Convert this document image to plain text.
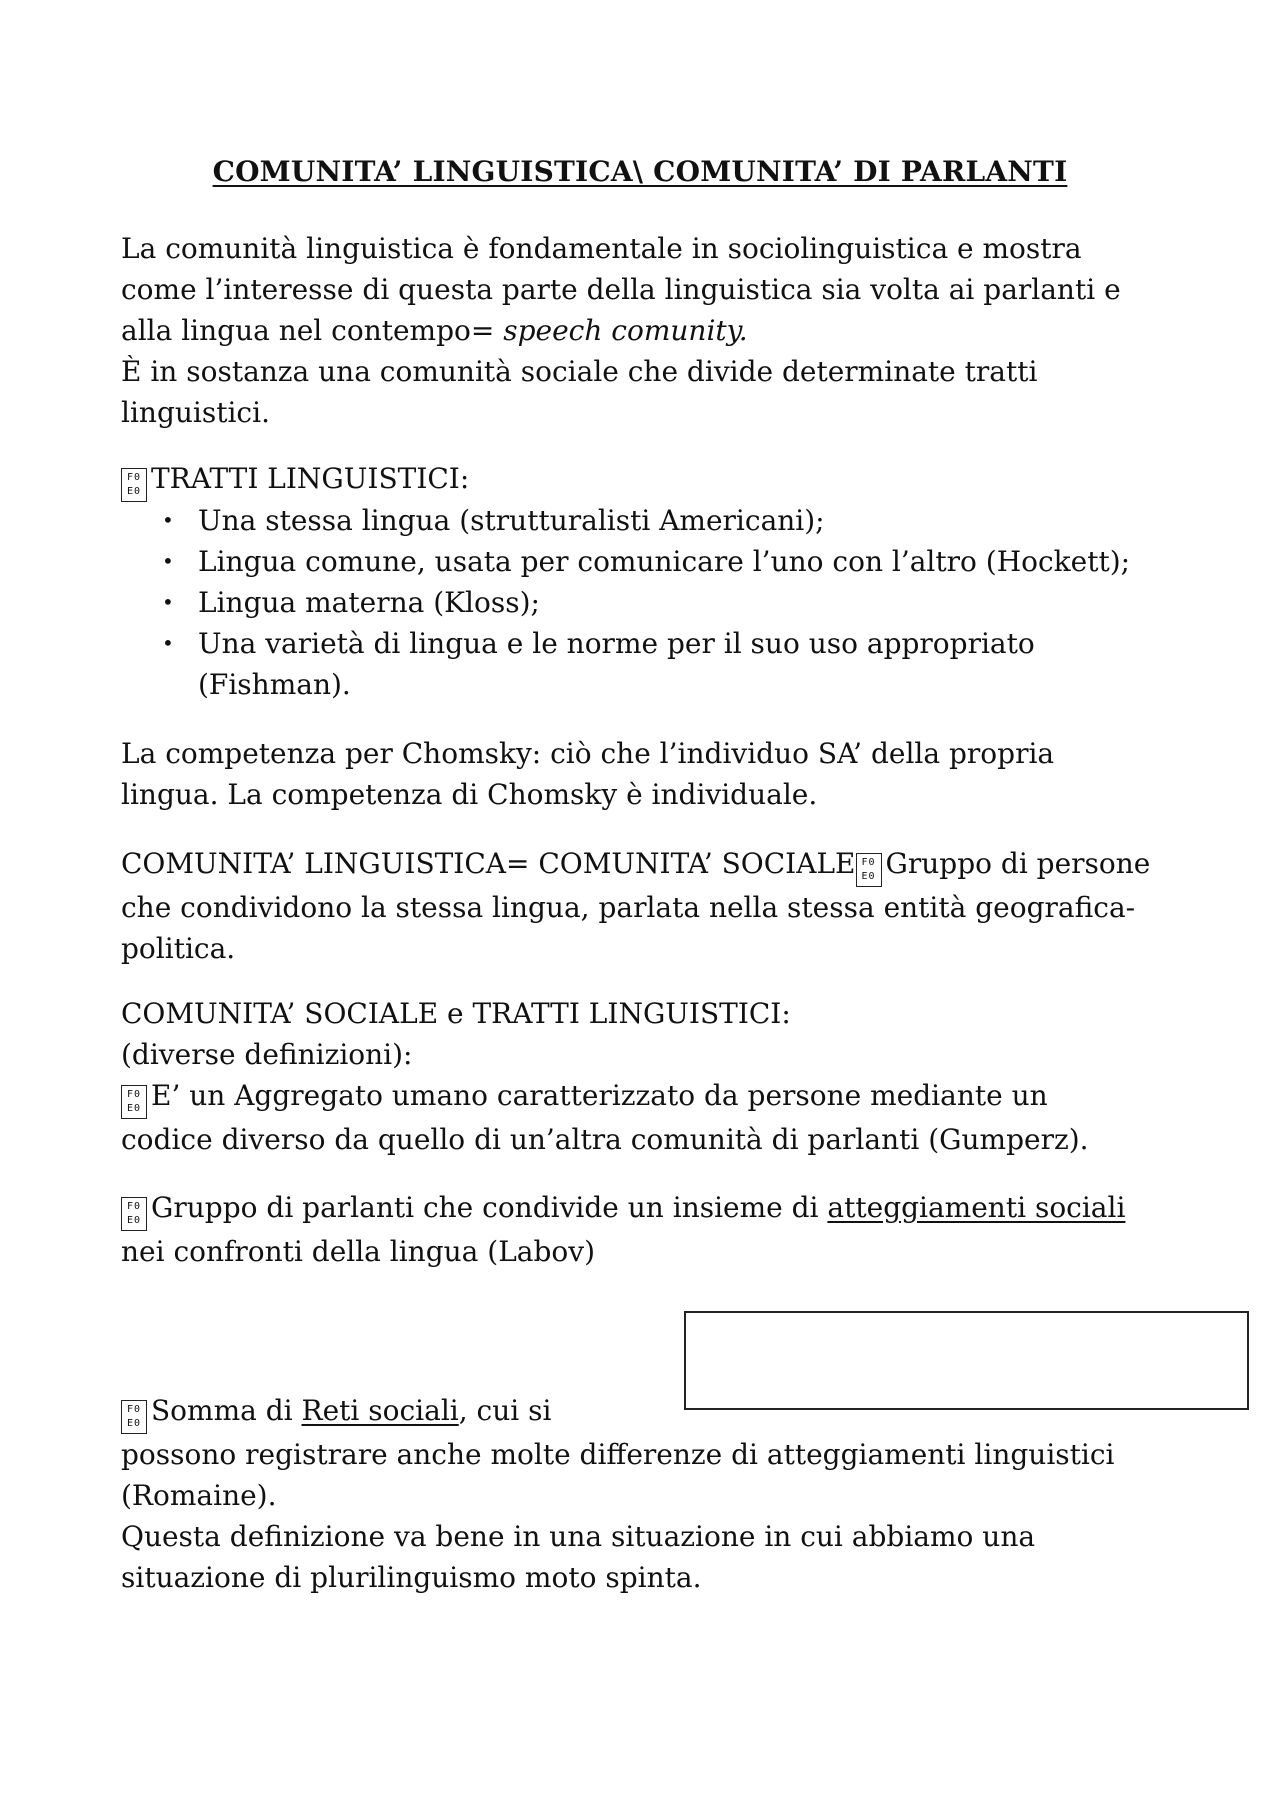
COMUNITA’ LINGUISTICA\ COMUNITA’ DI PARLANTI
La comunità linguistica è fondamentale in sociolinguistica e mostra
come l’interesse di questa parte della linguistica sia volta ai parlanti e
alla lingua nel contempo= speech comunity.
È in sostanza una comunità sociale che divide determinate tratti
linguistici.
F0
E0 TRATTI LINGUISTICI:
• Una stessa lingua (strutturalisti Americani);
• Lingua comune, usata per comunicare l’uno con l’altro (Hockett);
• Lingua materna (Kloss);
• Una varietà di lingua e le norme per il suo uso appropriato
(Fishman).
La competenza per Chomsky: ciò che l’individuo SA’ della propria
lingua. La competenza di Chomsky è individuale.
COMUNITA’ LINGUISTICA= COMUNITA’ SOCIALE F0
E0 Gruppo di persone
che condividono la stessa lingua, parlata nella stessa entità geografica-
politica.
COMUNITA’ SOCIALE e TRATTI LINGUISTICI:
(diverse definizioni):
F0
E0 E’ un Aggregato umano caratterizzato da persone mediante un
codice diverso da quello di un’altra comunità di parlanti (Gumperz).
F0
E0 Gruppo di parlanti che condivide un insieme di atteggiamenti sociali
nei confronti della lingua (Labov)
F0
E0 Somma di Reti sociali, cui si
possono registrare anche molte differenze di atteggiamenti linguistici
(Romaine).
Questa definizione va bene in una situazione in cui abbiamo una
situazione di plurilinguismo moto spinta.
